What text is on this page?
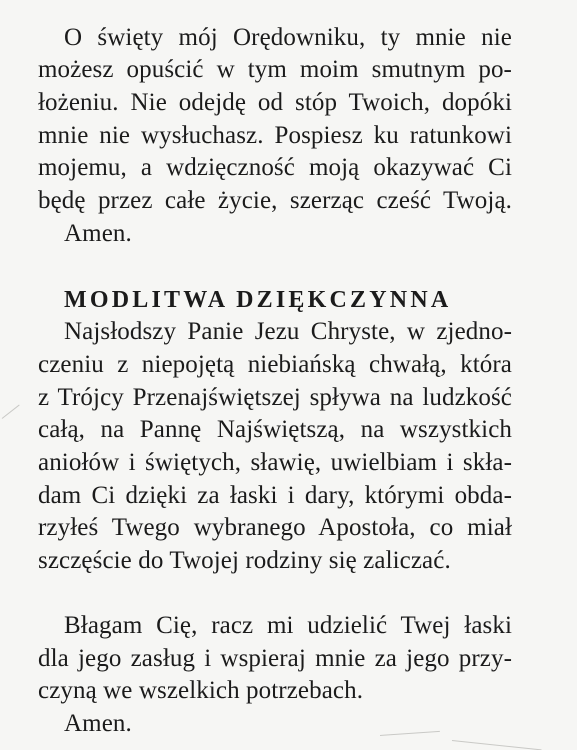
O święty mój Orędowniku, ty mnie nie

możesz opuścić w tym moim smutnym po-

łożeniu. Nie odejdę od stóp Twoich, dopóki

mnie nie wysłuchasz. Pospiesz ku ratunkowi

mojemu, a wdzięczność moją okazywać Ci

będę przez całe życie, szerząc cześć Twoją.

Amen.

MODLITWA DZIĘKCZYNNA

Najsłodszy Panie Jezu Chryste, w zjedno-

czeniu z niepojętą niebiańską chwałą, która

z Trójcy Przenajświętszej spływa na ludzkość

całą, na Pannę Najświętszą, na wszystkich

aniołów i świętych, sławię, uwielbiam i skła-

dam Ci dzięki za łaski i dary, którymi obda-

rzyłeś Twego wybranego Apostoła, co miał

szczęście do Twojej rodziny się zaliczać.

Błagam Cię, racz mi udzielić Twej łaski

dla jego zasług i wspieraj mnie za jego przy-

czyną we wszelkich potrzebach.

Amen.
